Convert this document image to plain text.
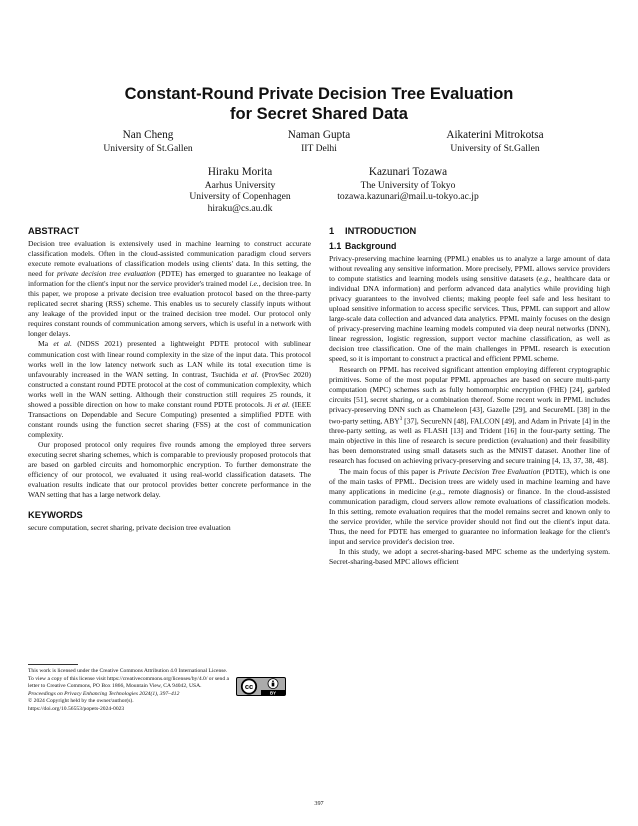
Constant-Round Private Decision Tree Evaluation
for Secret Shared Data
Nan Cheng
University of St.Gallen
Naman Gupta
IIT Delhi
Aikaterini Mitrokotsa
University of St.Gallen
Hiraku Morita
Aarhus University
University of Copenhagen
hiraku@cs.au.dk
Kazunari Tozawa
The University of Tokyo
tozawa.kazunari@mail.u-tokyo.ac.jp
ABSTRACT

Decision tree evaluation is extensively used in machine learning to construct accurate classification models. Often in the cloud-assisted communication paradigm cloud servers execute remote evaluations of classification models using clients' data. In this setting, the need for private decision tree evaluation (PDTE) has emerged to guarantee no leakage of information for the client's input nor the service provider's trained model i.e., decision tree. In this paper, we propose a private decision tree evaluation protocol based on the three-party replicated secret sharing (RSS) scheme. This enables us to securely classify inputs without any leakage of the provided input or the trained decision tree model. Our protocol only requires constant rounds of communication among servers, which is useful in a network with longer delays.

Ma et al. (NDSS 2021) presented a lightweight PDTE protocol with sublinear communication cost with linear round complexity in the size of the input data. This protocol works well in the low latency network such as LAN while its total execution time is unfavourably increased in the WAN setting. In contrast, Tsuchida et al. (ProvSec 2020) constructed a constant round PDTE protocol at the cost of communication complexity, which works well in the WAN setting. Although their construction still requires 25 rounds, it showed a possible direction on how to make constant round PDTE protocols. Ji et al. (IEEE Transactions on Dependable and Secure Computing) presented a simplified PDTE with constant rounds using the function secret sharing (FSS) at the cost of communication complexity.

Our proposed protocol only requires five rounds among the employed three servers executing secret sharing schemes, which is comparable to previously proposed protocols that are based on garbled circuits and homomorphic encryption. To further demonstrate the efficiency of our protocol, we evaluated it using real-world classification datasets. The evaluation results indicate that our protocol provides better concrete performance in the WAN setting that has a large network delay.

KEYWORDS

secure computation, secret sharing, private decision tree evaluation

This work is licensed under the Creative Commons Attribution 4.0 International License. To view a copy of this license visit https://creativecommons.org/licenses/by/4.0/ or send a letter to Creative Commons, PO Box 1866, Mountain View, CA 94042, USA.

Proceedings on Privacy Enhancing Technologies 2024(1), 397–412

© 2024 Copyright held by the owner/author(s).

https://doi.org/10.56553/popets-2024-0023

cc
BY
1 INTRODUCTION
1.1 Background

Privacy-preserving machine learning (PPML) enables us to analyze a large amount of data without revealing any sensitive information. More precisely, PPML allows service providers to compute statistics and learning models using sensitive datasets (e.g., healthcare data or individual DNA information) and perform advanced data analytics while providing high privacy guarantees to the involved clients; making people feel safe and less hesitant to upload sensitive information to access specific services. Thus, PPML can support and allow large-scale data collection and advanced data analytics. PPML mainly focuses on the design of privacy-preserving machine learning models computed via deep neural networks (DNN), linear regression, logistic regression, support vector machine classification, as well as decision tree classification. One of the main challenges in PPML research is execution speed, so it is important to construct a practical and efficient PPML scheme.

Research on PPML has received significant attention employing different cryptographic primitives. Some of the most popular PPML approaches are based on secure multi-party computation (MPC) schemes such as fully homomorphic encryption (FHE) [24], garbled circuits [51], secret sharing, or a combination thereof. Some recent work in PPML includes privacy-preserving DNN such as Chameleon [43], Gazelle [29], and SecureML [38] in the two-party setting, ABY$^3$ [37], SecureNN [48], FALCON [49], and Adam in Private [4] in the three-party setting, as well as FLASH [13] and Trident [16] in the four-party setting. The main objective in this line of research is secure prediction (evaluation) and their feasibility has been demonstrated using small datasets such as the MNIST dataset. Another line of research has focused on achieving privacy-preserving and secure training [4, 13, 37, 38, 48].

The main focus of this paper is Private Decision Tree Evaluation (PDTE), which is one of the main tasks of PPML. Decision trees are widely used in machine learning and have many applications in medicine (e.g., remote diagnosis) or finance. In the cloud-assisted communication paradigm, cloud servers allow remote evaluations of classification models. In this setting, remote evaluation requires that the model remains secret and known only to the service provider, while the service provider should not find out the client's input data. Thus, the need for PDTE has emerged to guarantee no information leakage for the client's input and service provider's decision tree.

In this study, we adopt a secret-sharing-based MPC scheme as the underlying system. Secret-sharing-based MPC allows efficient

397
